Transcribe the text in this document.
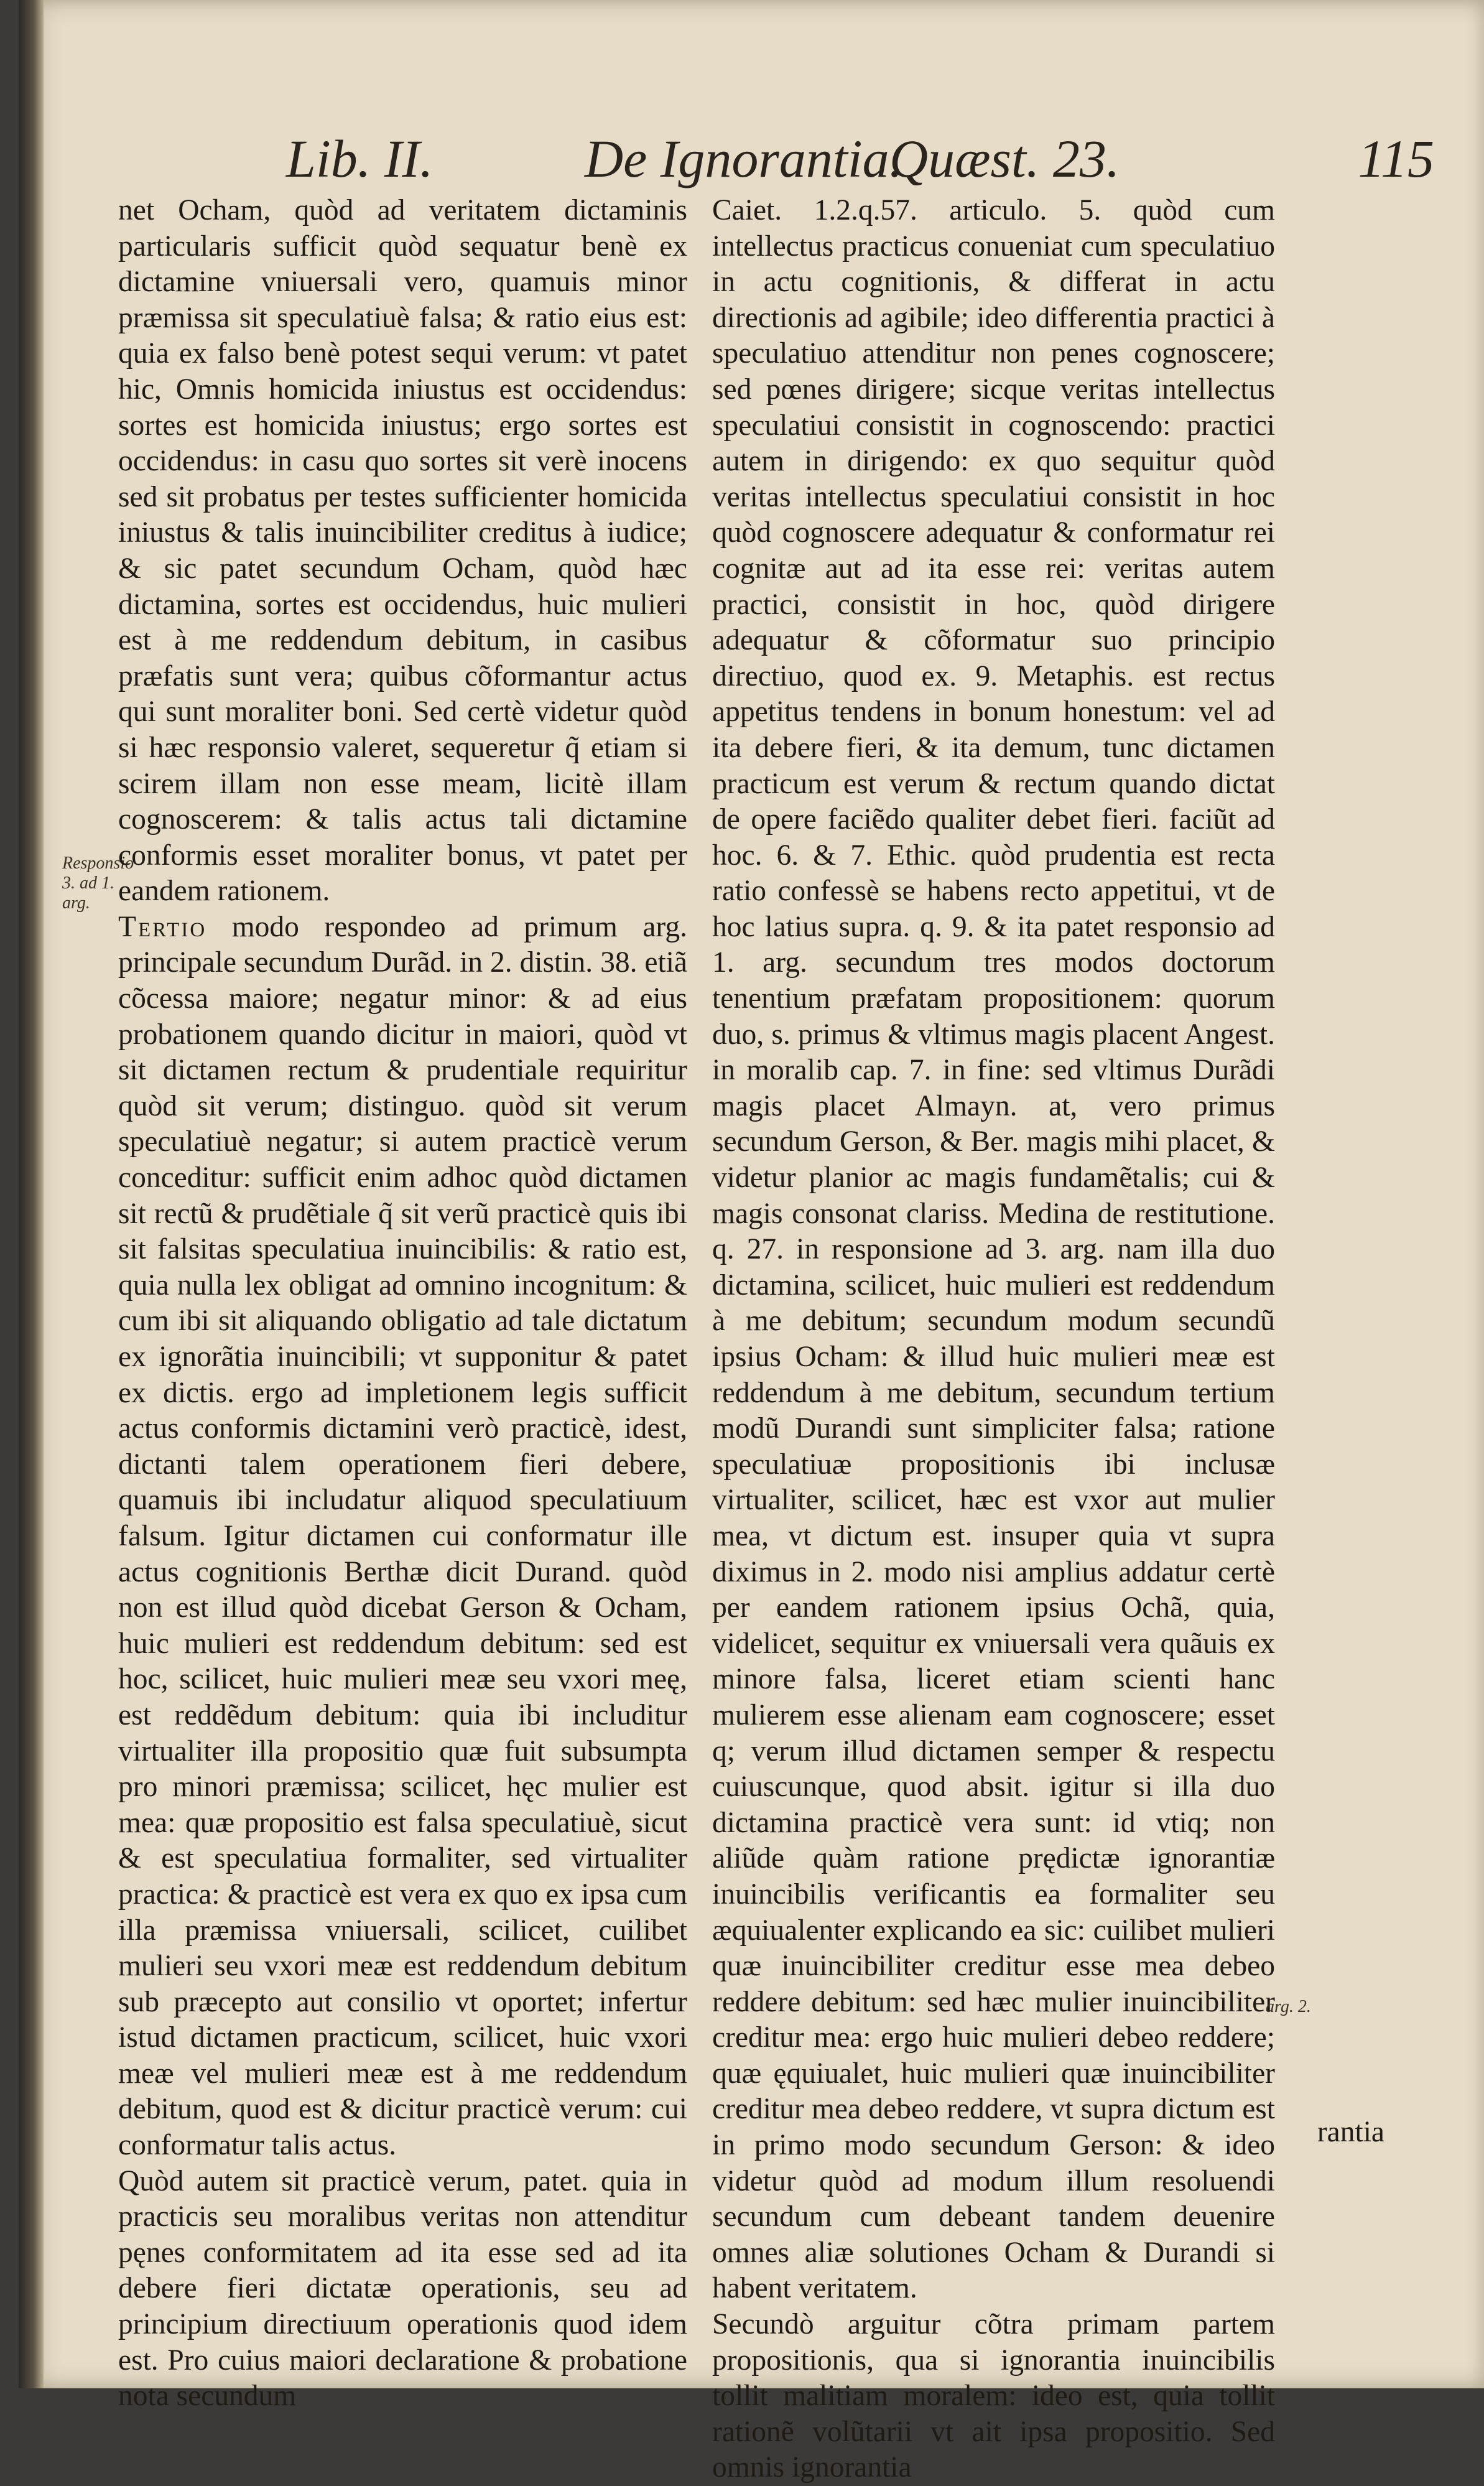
Lib. II.	De Ignorantia.
Quæst. 23.	115
Responsio 3. ad 1. arg.

net Ocham, quòd ad veritatem dictaminis particularis sufficit quòd sequatur benè ex dictamine vniuersali vero, quamuis minor præmissa sit speculatiuè falsa; & ratio eius est: quia ex falso benè potest sequi verum: vt patet hic, Omnis homicida iniustus est occidendus: sortes est homicida iniustus; ergo sortes est occidendus: in casu quo sortes sit verè inocens sed sit probatus per testes sufficienter homicida iniustus & talis inuincibiliter creditus à iudice; & sic patet secundum Ocham, quòd hæc dictamina, sortes est occidendus, huic mulieri est à me reddendum debitum, in casibus præfatis sunt vera; quibus cõformantur actus qui sunt moraliter boni. Sed certè videtur quòd si hæc responsio valeret, sequeretur q̃ etiam si scirem illam non esse meam, licitè illam cognoscerem: & talis actus tali dictamine conformis esset moraliter bonus, vt patet per eandem rationem.

Tertio modo respondeo ad primum arg. principale secundum Durãd. in 2. distin. 38. etiã cõcessa maiore; negatur minor: & ad eius probationem quando dicitur in maiori, quòd vt sit dictamen rectum & prudentiale requiritur quòd sit verum; distinguo. quòd sit verum speculatiuè negatur; si autem practicè verum conceditur: sufficit enim adhoc quòd dictamen sit rectũ & prudẽtiale q̃ sit verũ practicè quis ibi sit falsitas speculatiua inuincibilis: & ratio est, quia nulla lex obligat ad omnino incognitum: & cum ibi sit aliquando obligatio ad tale dictatum ex ignorãtia inuincibili; vt supponitur & patet ex dictis. ergo ad impletionem legis sufficit actus conformis dictamini verò practicè, idest, dictanti talem operationem fieri debere, quamuis ibi includatur aliquod speculatiuum falsum. Igitur dictamen cui conformatur ille actus cognitionis Berthæ dicit Durand. quòd non est illud quòd dicebat Gerson & Ocham, huic mulieri est reddendum debitum: sed est hoc, scilicet, huic mulieri meæ seu vxori meę, est reddẽdum debitum: quia ibi includitur virtualiter illa propositio quæ fuit subsumpta pro minori præmissa; scilicet, hęc mulier est mea: quæ propositio est falsa speculatiuè, sicut & est speculatiua formaliter, sed virtualiter practica: & practicè est vera ex quo ex ipsa cum illa præmissa vniuersali, scilicet, cuilibet mulieri seu vxori meæ est reddendum debitum sub præcepto aut consilio vt oportet; infertur istud dictamen practicum, scilicet, huic vxori meæ vel mulieri meæ est à me reddendum debitum, quod est & dicitur practicè verum: cui conformatur talis actus.

Quòd autem sit practicè verum, patet. quia in practicis seu moralibus veritas non attenditur pęnes conformitatem ad ita esse sed ad ita debere fieri dictatæ operationis, seu ad principium directiuum operationis quod idem est. Pro cuius maiori declaratione & probatione nota secundum

Caiet. 1.2.q.57. articulo. 5. quòd cum intellectus practicus conueniat cum speculatiuo in actu cognitionis, & differat in actu directionis ad agibile; ideo differentia practici à speculatiuo attenditur non penes cognoscere; sed pœnes dirigere; sicque veritas intellectus speculatiui consistit in cognoscendo: practici autem in dirigendo: ex quo sequitur quòd veritas intellectus speculatiui consistit in hoc quòd cognoscere adequatur & conformatur rei cognitæ aut ad ita esse rei: veritas autem practici, consistit in hoc, quòd dirigere adequatur & cõformatur suo principio directiuo, quod ex. 9. Metaphis. est rectus appetitus tendens in bonum honestum: vel ad ita debere fieri, & ita demum, tunc dictamen practicum est verum & rectum quando dictat de opere faciẽdo qualiter debet fieri. faciũt ad hoc. 6. & 7. Ethic. quòd prudentia est recta ratio confessè se habens recto appetitui, vt de hoc latius supra. q. 9. & ita patet responsio ad 1. arg. secundum tres modos doctorum tenentium præfatam propositionem: quorum duo, s. primus & vltimus magis placent Angest. in moralib cap. 7. in fine: sed vltimus Durãdi magis placet Almayn. at, vero primus secundum Gerson, & Ber. magis mihi placet, & videtur planior ac magis fundamẽtalis; cui & magis consonat clariss. Medina de restitutione. q. 27. in responsione ad 3. arg. nam illa duo dictamina, scilicet, huic mulieri est reddendum à me debitum; secundum modum secundũ ipsius Ocham: & illud huic mulieri meæ est reddendum à me debitum, secundum tertium modũ Durandi sunt simpliciter falsa; ratione speculatiuæ propositionis ibi inclusæ virtualiter, scilicet, hæc est vxor aut mulier mea, vt dictum est. insuper quia vt supra diximus in 2. modo nisi amplius addatur certè per eandem rationem ipsius Ochã, quia, videlicet, sequitur ex vniuersali vera quãuis ex minore falsa, liceret etiam scienti hanc mulierem esse alienam eam cognoscere; esset q; verum illud dictamen semper & respectu cuiuscunque, quod absit. igitur si illa duo dictamina practicè vera sunt: id vtiq; non aliũde quàm ratione prędictæ ignorantiæ inuincibilis verificantis ea formaliter seu æquiualenter explicando ea sic: cuilibet mulieri quæ inuincibiliter creditur esse mea debeo reddere debitum: sed hæc mulier inuincibiliter creditur mea: ergo huic mulieri debeo reddere; quæ ęquiualet, huic mulieri quæ inuincibiliter creditur mea debeo reddere, vt supra dictum est in primo modo secundum Gerson: & ideo videtur quòd ad modum illum resoluendi secundum cum debeant tandem deuenire omnes aliæ solutiones Ocham & Durandi si habent veritatem.

Secundò arguitur cõtra primam partem propositionis, qua si ignorantia inuincibilis tollit malitiam moralem: ideo est, quia tollit rationẽ volũtarii vt ait ipsa propositio. Sed omnis ignorantia

arg. 2.
rantia
